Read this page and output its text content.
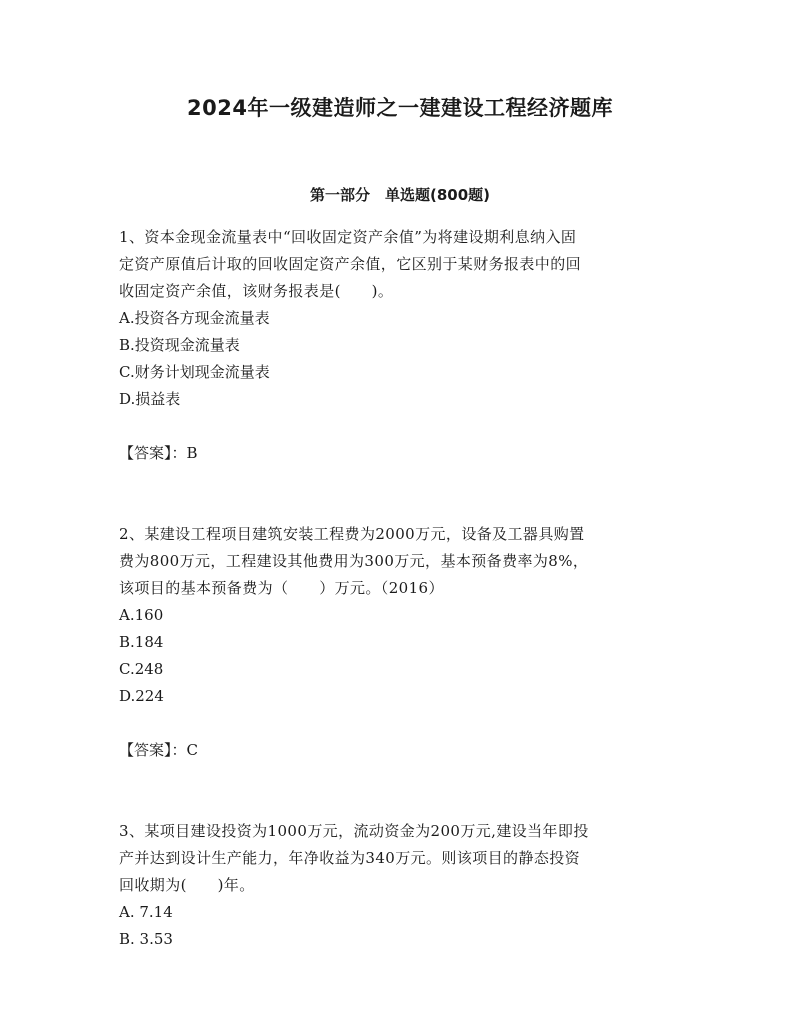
2024年一级建造师之一建建设工程经济题库
第一部分　单选题(800题)

1、资本金现金流量表中“回收固定资产余值”为将建设期利息纳入固

定资产原值后计取的回收固定资产余值，它区别于某财务报表中的回

收固定资产余值，该财务报表是(　　)。

A.投资各方现金流量表

B.投资现金流量表

C.财务计划现金流量表

D.损益表

【答案】：B

2、某建设工程项目建筑安装工程费为2000万元，设备及工器具购置

费为800万元，工程建设其他费用为300万元，基本预备费率为8%，

该项目的基本预备费为（　　）万元。（2016）

A.160

B.184

C.248

D.224

【答案】：C

3、某项目建设投资为1000万元，流动资金为200万元,建设当年即投

产并达到设计生产能力，年净收益为340万元。则该项目的静态投资

回收期为(　　)年。

A. 7.14

B. 3.53
